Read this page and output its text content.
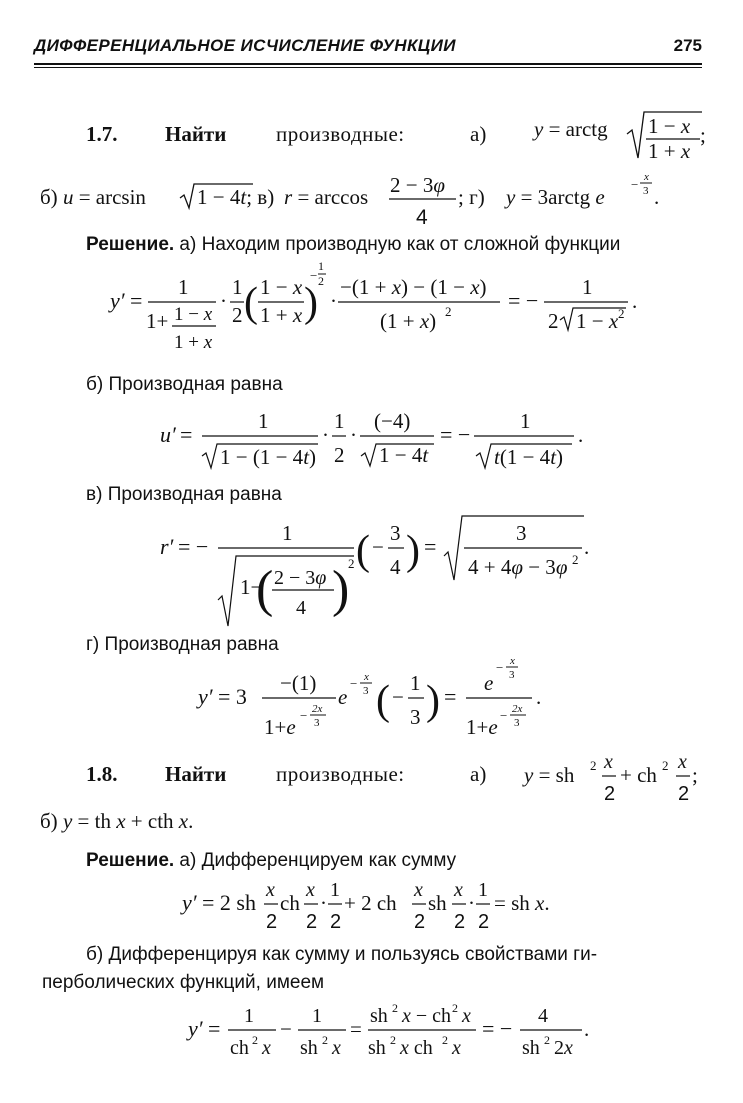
ДИФФЕРЕНЦИАЛЬНОЕ ИСЧИСЛЕНИЕ ФУНКЦИИ	275
1.7. Найти производные:	а) y = arctg 1 − x
1 + x
;
б) u = arcsin 1 − 4t; в) r = arccos 2 − 3φ
4
; г) y = 3arctg e
x
− 3 .
Решение. а) Находим производную как от сложной функции
y′ =
1
1+ 1 − x
1 + x
·
1
2 ( 1 − x
1 + x )
1
− 2
·
−(1 + x) − (1 − x)
(1 + x) 2	= −
1
2 1 − x 2
.
б) Производная равна
u′ =
1
1 − (1 − 4t)
·
1
2
·
(−4)
1 − 4t
= −
1
t(1 − 4t)
.
в) Производная равна
r′ = −
1
1−
( 2 − 3φ
4 )
2 ( −
3
4 ) =
3
4 + 4φ − 3φ 2
.
г) Производная равна
y′ = 3
−(1)
1+e
2x
− 3
e
x
− 3 ( −
1
3 ) =
e
x
− 3
1+e
2x
− 3
.
1.8. Найти производные:	а) y = sh 2 x
2
+ ch 2 x
2
;
б) y = th x + cth x.
Решение. а) Дифференцируем как сумму
y′ = 2 sh x
2
ch
x
2
·
1
2
+ 2 ch
x
2
sh
x
2
·
1
2
= sh x.
б) Дифференцируя как сумму и пользуясь свойствами ги-
перболических функций, имеем
y′ = 1
ch 2 x
−
1
sh 2 x
=
sh 2 x − ch 2 x
sh 2 x ch 2 x
= − 4
sh 2 2x
.
